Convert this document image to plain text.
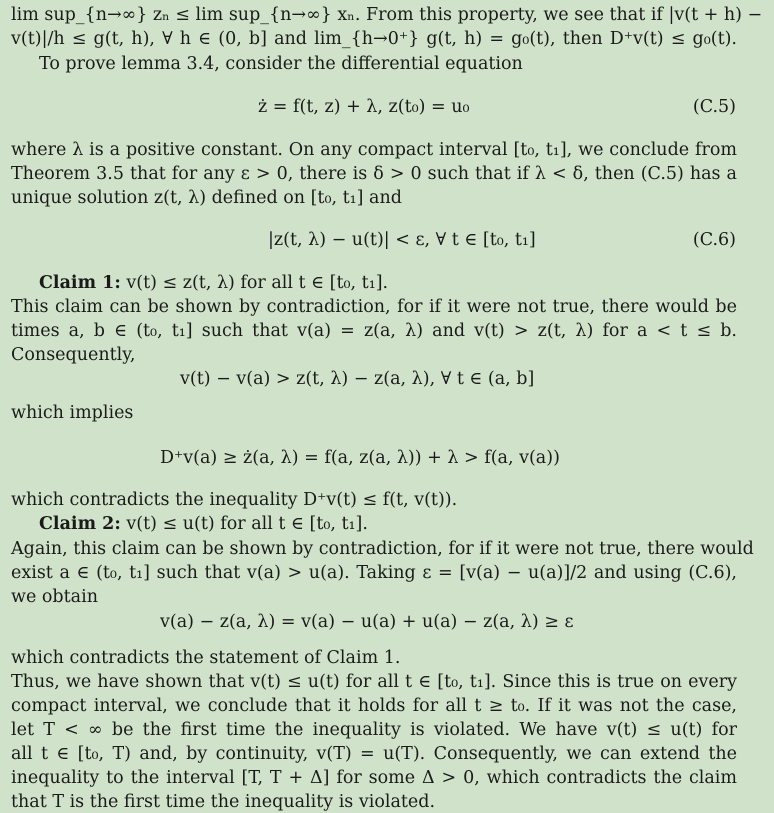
lim sup_{n→∞} zₙ ≤ lim sup_{n→∞} xₙ. From this property, we see that if |v(t + h) −
v(t)|/h ≤ g(t, h), ∀ h ∈ (0, b] and lim_{h→0⁺} g(t, h) = g₀(t), then D⁺v(t) ≤ g₀(t).
To prove lemma 3.4, consider the differential equation
ż = f(t, z) + λ, z(t₀) = u₀	(C.5)
where λ is a positive constant. On any compact interval [t₀, t₁], we conclude from
Theorem 3.5 that for any ε > 0, there is δ > 0 such that if λ < δ, then (C.5) has a
unique solution z(t, λ) defined on [t₀, t₁] and
|z(t, λ) − u(t)| < ε, ∀ t ∈ [t₀, t₁]	(C.6)
Claim 1: v(t) ≤ z(t, λ) for all t ∈ [t₀, t₁].
This claim can be shown by contradiction, for if it were not true, there would be
times a, b ∈ (t₀, t₁] such that v(a) = z(a, λ) and v(t) > z(t, λ) for a < t ≤ b.
Consequently,
v(t) − v(a) > z(t, λ) − z(a, λ), ∀ t ∈ (a, b]
which implies
D⁺v(a) ≥ ż(a, λ) = f(a, z(a, λ)) + λ > f(a, v(a))
which contradicts the inequality D⁺v(t) ≤ f(t, v(t)).
Claim 2: v(t) ≤ u(t) for all t ∈ [t₀, t₁].
Again, this claim can be shown by contradiction, for if it were not true, there would
exist a ∈ (t₀, t₁] such that v(a) > u(a). Taking ε = [v(a) − u(a)]/2 and using (C.6),
we obtain
v(a) − z(a, λ) = v(a) − u(a) + u(a) − z(a, λ) ≥ ε
which contradicts the statement of Claim 1.
Thus, we have shown that v(t) ≤ u(t) for all t ∈ [t₀, t₁]. Since this is true on every
compact interval, we conclude that it holds for all t ≥ t₀. If it was not the case,
let T < ∞ be the first time the inequality is violated. We have v(t) ≤ u(t) for
all t ∈ [t₀, T) and, by continuity, v(T) = u(T). Consequently, we can extend the
inequality to the interval [T, T + Δ] for some Δ > 0, which contradicts the claim
that T is the first time the inequality is violated.
